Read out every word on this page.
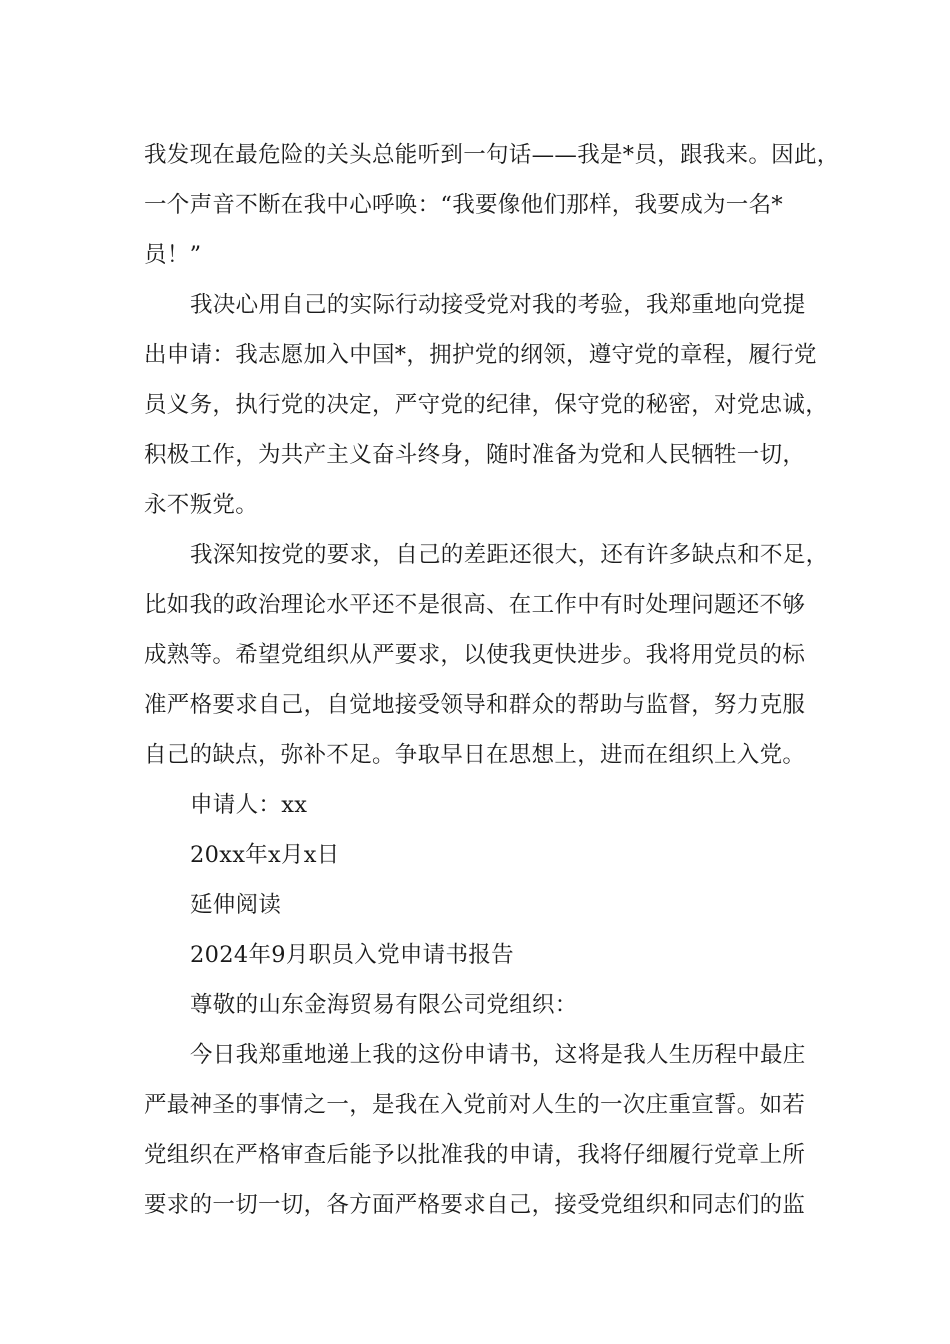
我发现在最危险的关头总能听到一句话——我是*员，跟我来。因此，
一个声音不断在我中心呼唤：“我要像他们那样，我要成为一名*
员！”

我决心用自己的实际行动接受党对我的考验，我郑重地向党提
出申请：我志愿加入中国*，拥护党的纲领，遵守党的章程，履行党
员义务，执行党的决定，严守党的纪律，保守党的秘密，对党忠诚，
积极工作，为共产主义奋斗终身，随时准备为党和人民牺牲一切，
永不叛党。

我深知按党的要求，自己的差距还很大，还有许多缺点和不足，
比如我的政治理论水平还不是很高、在工作中有时处理问题还不够
成熟等。希望党组织从严要求，以使我更快进步。我将用党员的标
准严格要求自己，自觉地接受领导和群众的帮助与监督，努力克服
自己的缺点，弥补不足。争取早日在思想上，进而在组织上入党。

申请人：xx

20xx年x月x日

延伸阅读

2024年9月职员入党申请书报告

尊敬的山东金海贸易有限公司党组织：

今日我郑重地递上我的这份申请书，这将是我人生历程中最庄
严最神圣的事情之一，是我在入党前对人生的一次庄重宣誓。如若
党组织在严格审查后能予以批准我的申请，我将仔细履行党章上所
要求的一切一切，各方面严格要求自己，接受党组织和同志们的监
